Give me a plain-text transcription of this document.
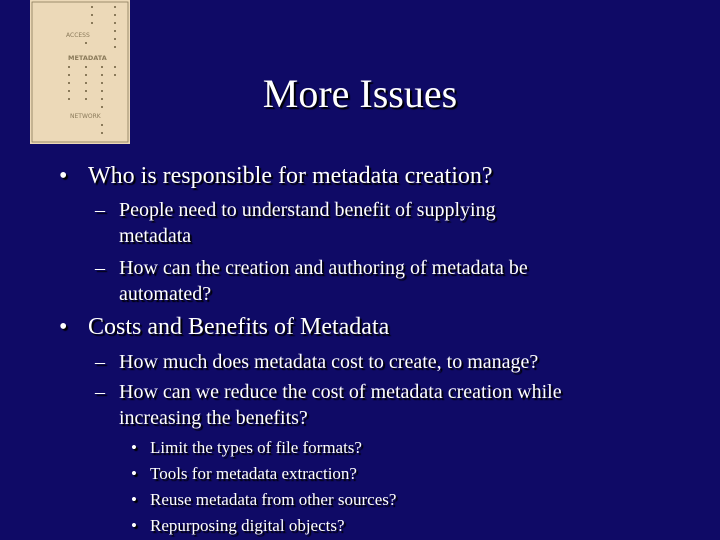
ACCESS
METADATA
NETWORK
More Issues
• Who is responsible for metadata creation?
– People need to understand benefit of supplying
metadata
– How can the creation and authoring of metadata be
automated?
• Costs and Benefits of Metadata
– How much does metadata cost to create, to manage?
– How can we reduce the cost of metadata creation while
increasing the benefits?
• Limit the types of file formats?
• Tools for metadata extraction?
• Reuse metadata from other sources?
• Repurposing digital objects?
